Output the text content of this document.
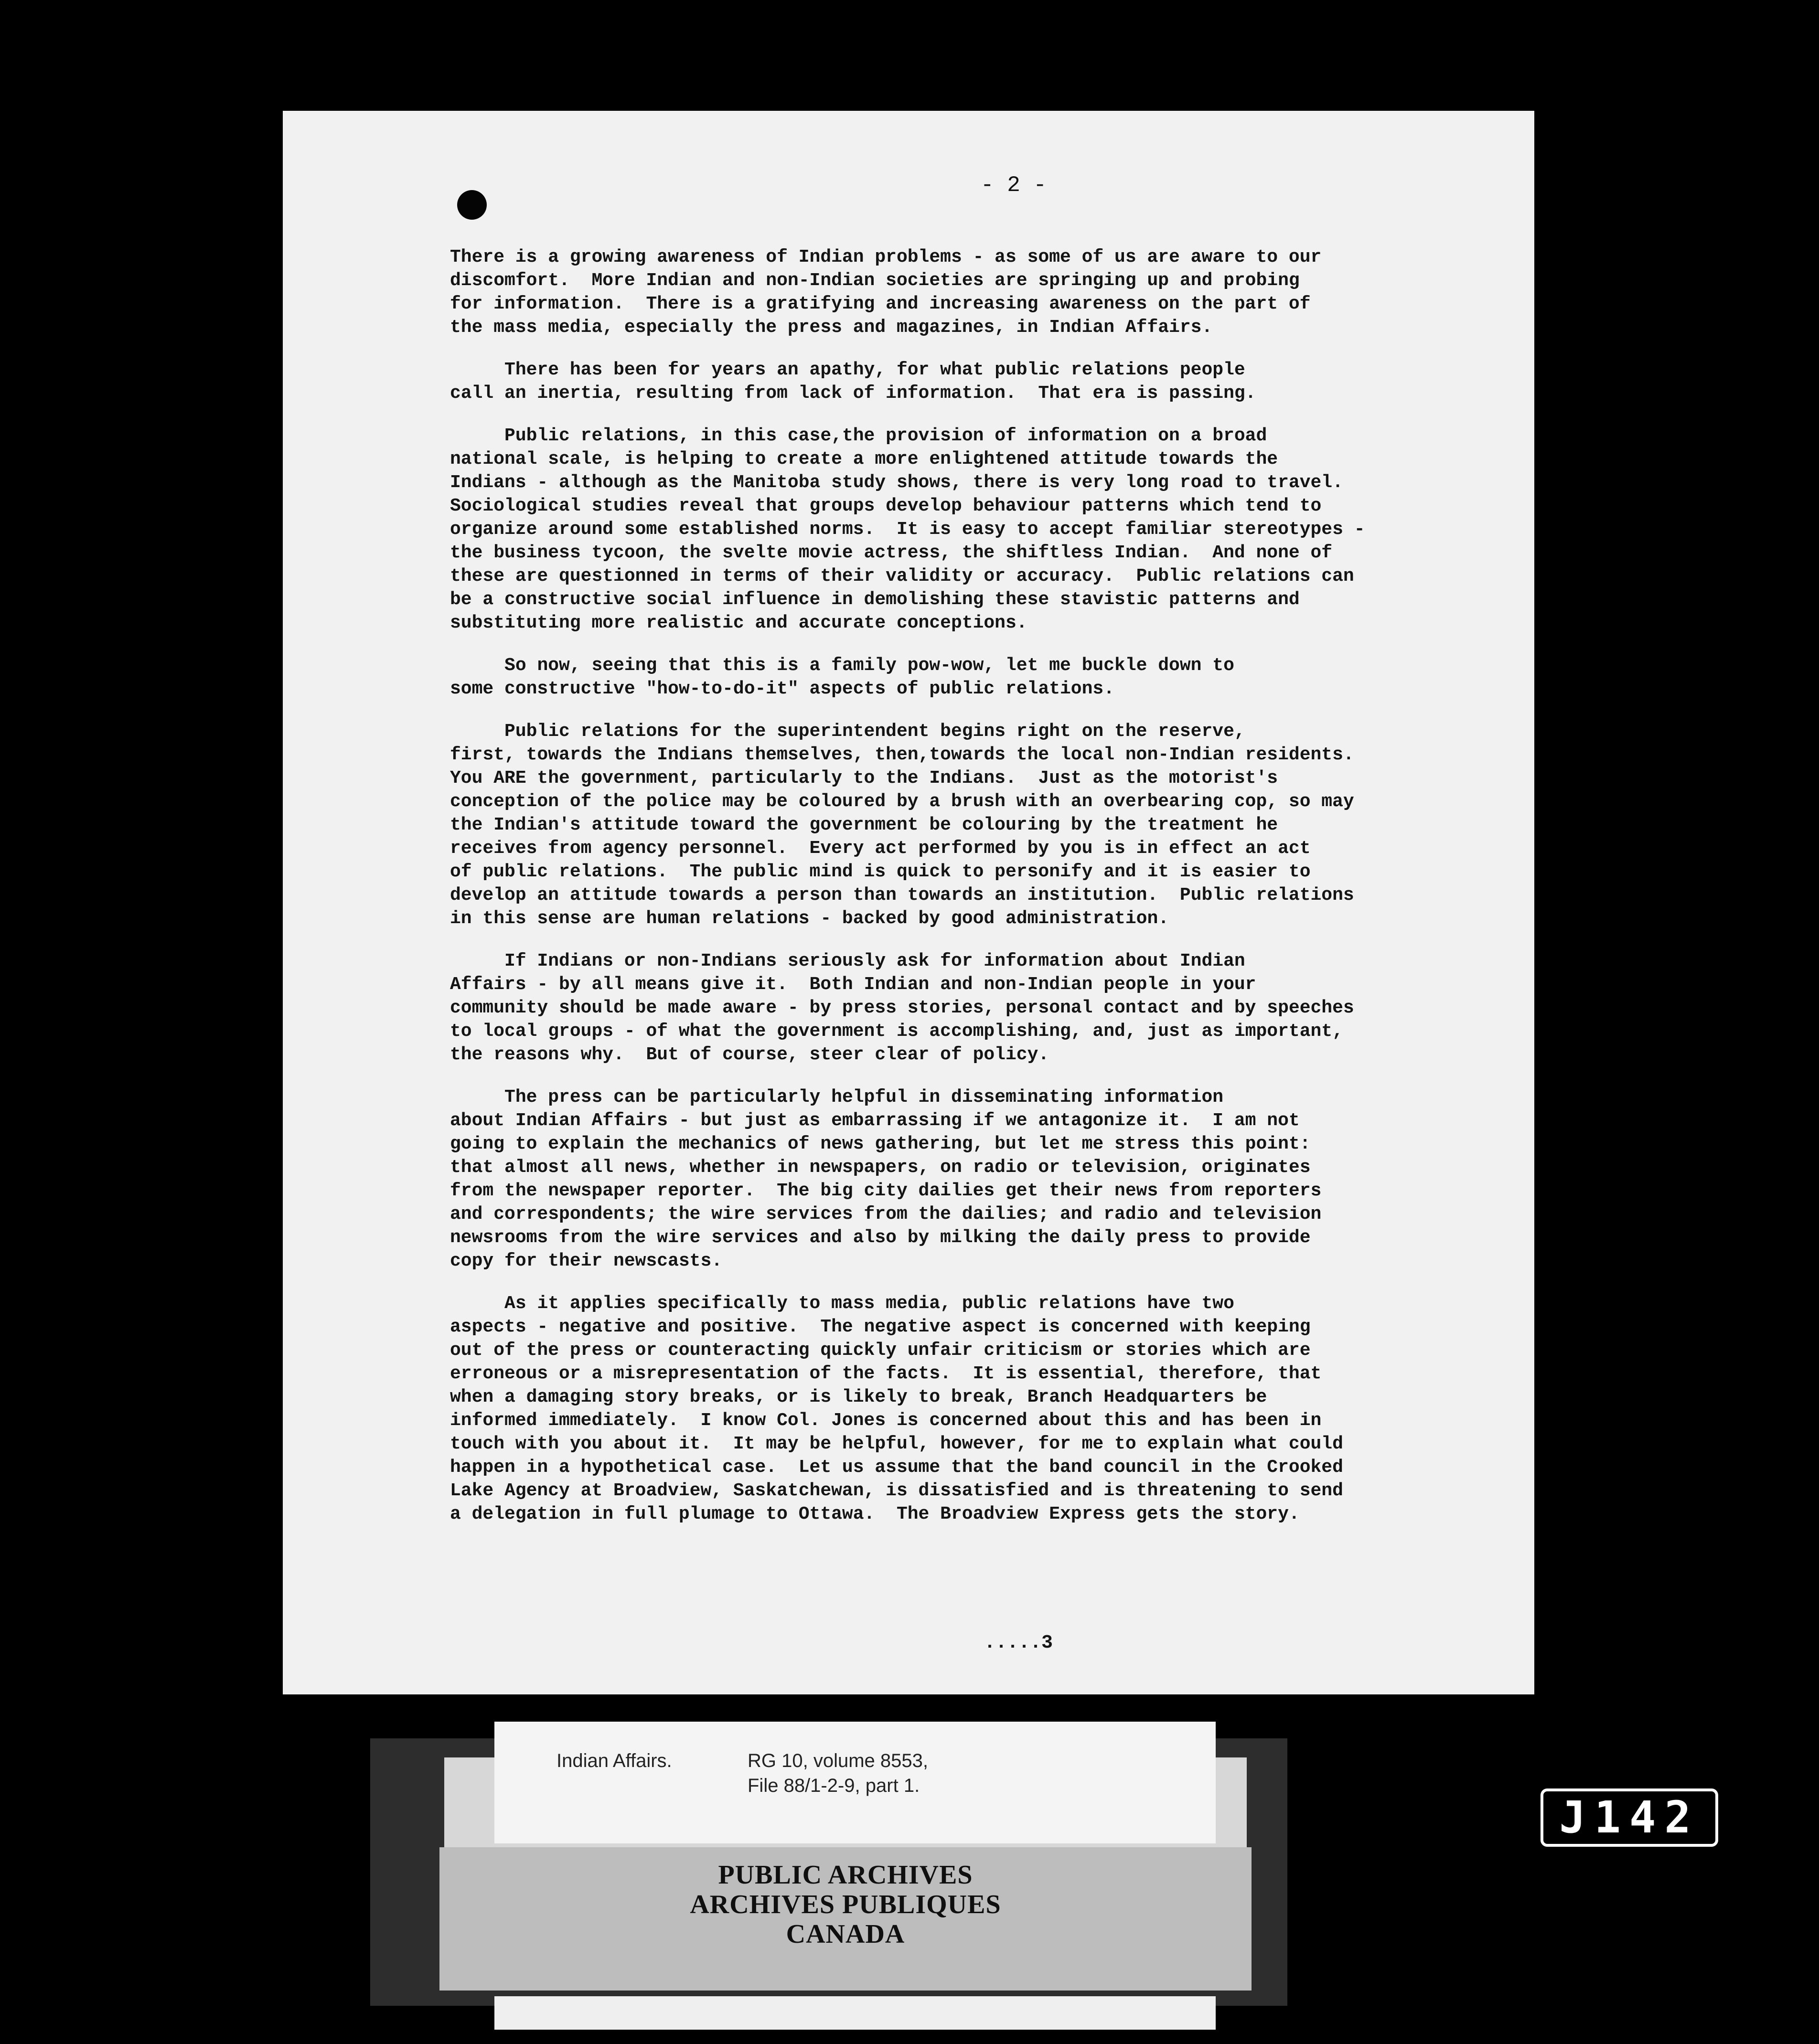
- 2 -

There is a growing awareness of Indian problems - as some of us are aware to our
discomfort.  More Indian and non-Indian societies are springing up and probing
for information.  There is a gratifying and increasing awareness on the part of
the mass media, especially the press and magazines, in Indian Affairs.

There has been for years an apathy, for what public relations people
call an inertia, resulting from lack of information.  That era is passing.

Public relations, in this case,the provision of information on a broad
national scale, is helping to create a more enlightened attitude towards the
Indians - although as the Manitoba study shows, there is very long road to travel.
Sociological studies reveal that groups develop behaviour patterns which tend to
organize around some established norms.  It is easy to accept familiar stereotypes -
the business tycoon, the svelte movie actress, the shiftless Indian.  And none of
these are questionned in terms of their validity or accuracy.  Public relations can
be a constructive social influence in demolishing these stavistic patterns and
substituting more realistic and accurate conceptions.

So now, seeing that this is a family pow-wow, let me buckle down to
some constructive "how-to-do-it" aspects of public relations.

Public relations for the superintendent begins right on the reserve,
first, towards the Indians themselves, then,towards the local non-Indian residents.
You ARE the government, particularly to the Indians.  Just as the motorist's
conception of the police may be coloured by a brush with an overbearing cop, so may
the Indian's attitude toward the government be colouring by the treatment he
receives from agency personnel.  Every act performed by you is in effect an act
of public relations.  The public mind is quick to personify and it is easier to
develop an attitude towards a person than towards an institution.  Public relations
in this sense are human relations - backed by good administration.

If Indians or non-Indians seriously ask for information about Indian
Affairs - by all means give it.  Both Indian and non-Indian people in your
community should be made aware - by press stories, personal contact and by speeches
to local groups - of what the government is accomplishing, and, just as important,
the reasons why.  But of course, steer clear of policy.

The press can be particularly helpful in disseminating information
about Indian Affairs - but just as embarrassing if we antagonize it.  I am not
going to explain the mechanics of news gathering, but let me stress this point:
that almost all news, whether in newspapers, on radio or television, originates
from the newspaper reporter.  The big city dailies get their news from reporters
and correspondents; the wire services from the dailies; and radio and television
newsrooms from the wire services and also by milking the daily press to provide
copy for their newscasts.

As it applies specifically to mass media, public relations have two
aspects - negative and positive.  The negative aspect is concerned with keeping
out of the press or counteracting quickly unfair criticism or stories which are
erroneous or a misrepresentation of the facts.  It is essential, therefore, that
when a damaging story breaks, or is likely to break, Branch Headquarters be
informed immediately.  I know Col. Jones is concerned about this and has been in
touch with you about it.  It may be helpful, however, for me to explain what could
happen in a hypothetical case.  Let us assume that the band council in the Crooked
Lake Agency at Broadview, Saskatchewan, is dissatisfied and is threatening to send
a delegation in full plumage to Ottawa.  The Broadview Express gets the story.

.....3
Indian Affairs.	RG 10, volume 8553,
File 88/1-2-9, part 1.
PUBLIC ARCHIVES
ARCHIVES PUBLIQUES
CANADA
J142
